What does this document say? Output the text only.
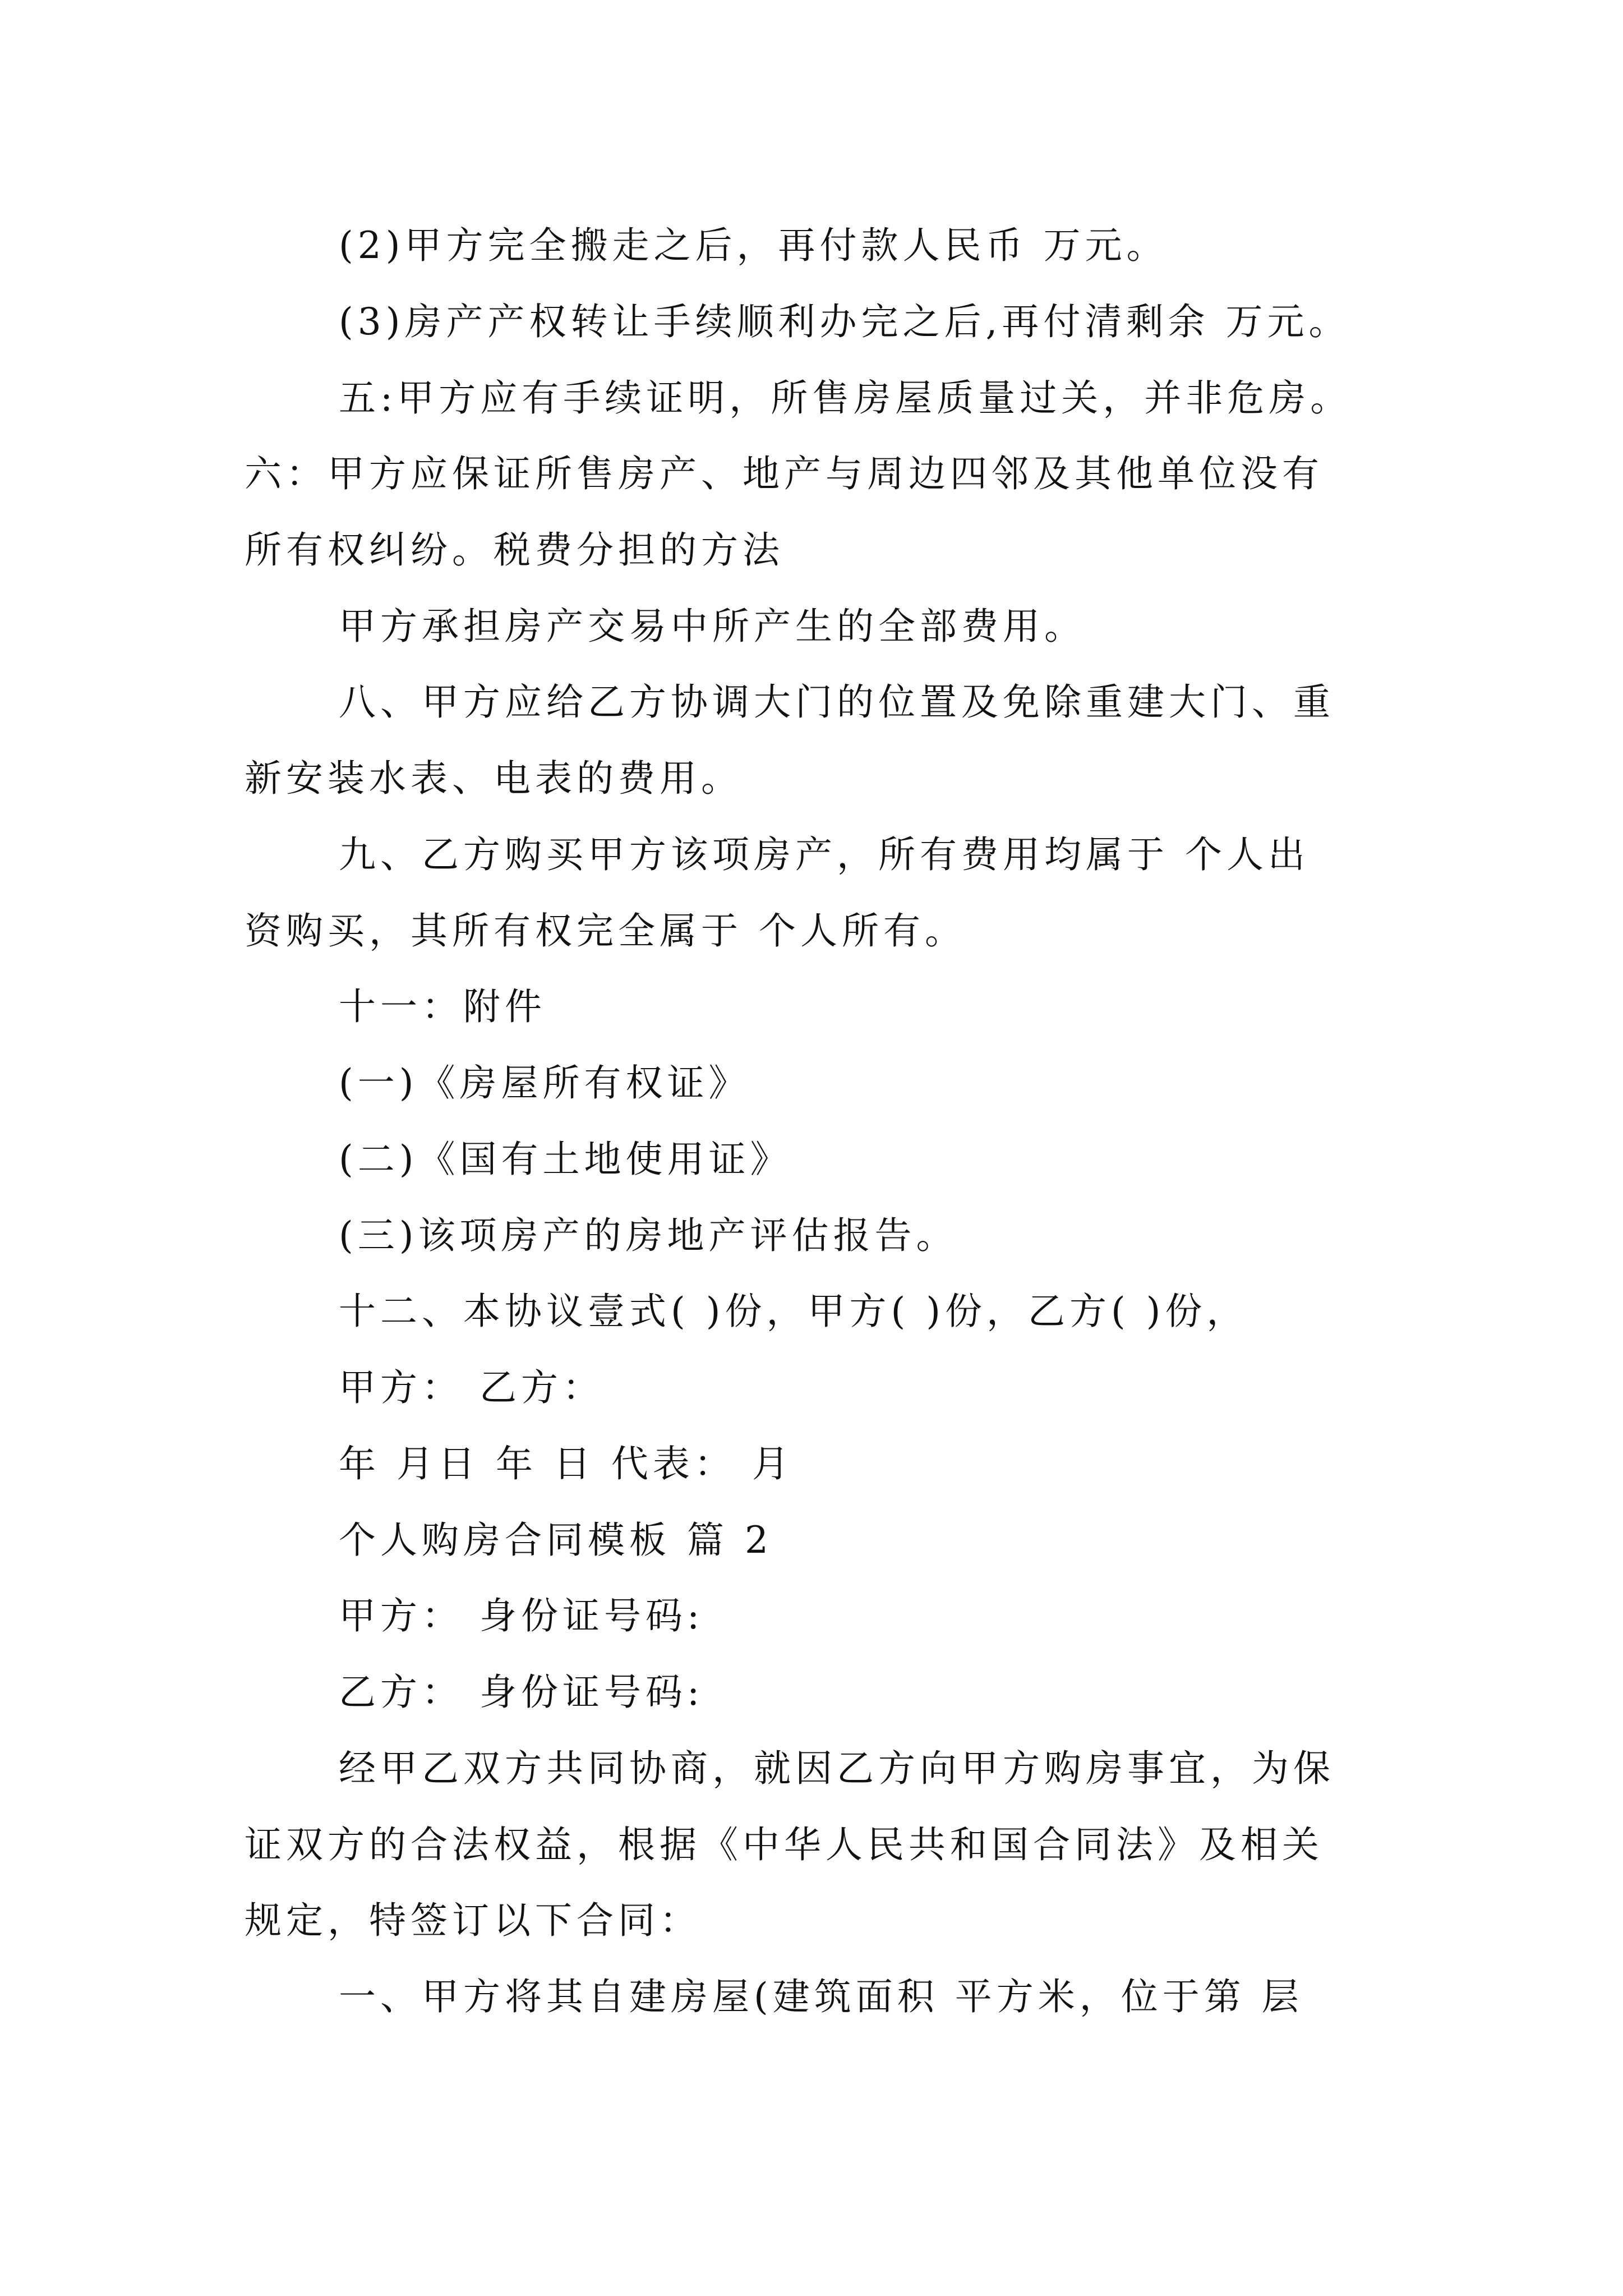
(2)甲方完全搬走之后，再付款人民币 万元。
(3)房产产权转让手续顺利办完之后,再付清剩余 万元。
五:甲方应有手续证明，所售房屋质量过关，并非危房。
六：甲方应保证所售房产、地产与周边四邻及其他单位没有
所有权纠纷。税费分担的方法
甲方承担房产交易中所产生的全部费用。
八、甲方应给乙方协调大门的位置及免除重建大门、重
新安装水表、电表的费用。
九、乙方购买甲方该项房产，所有费用均属于 个人出
资购买，其所有权完全属于 个人所有。
十一：附件
(一)《房屋所有权证》
(二)《国有土地使用证》
(三)该项房产的房地产评估报告。
十二、本协议壹式( )份，甲方( )份，乙方( )份，
甲方： 乙方：
年 月日 年 日 代表： 月
个人购房合同模板 篇 2
甲方： 身份证号码:
乙方： 身份证号码:
经甲乙双方共同协商，就因乙方向甲方购房事宜，为保
证双方的合法权益，根据《中华人民共和国合同法》及相关
规定，特签订以下合同：
一、甲方将其自建房屋(建筑面积 平方米，位于第 层
